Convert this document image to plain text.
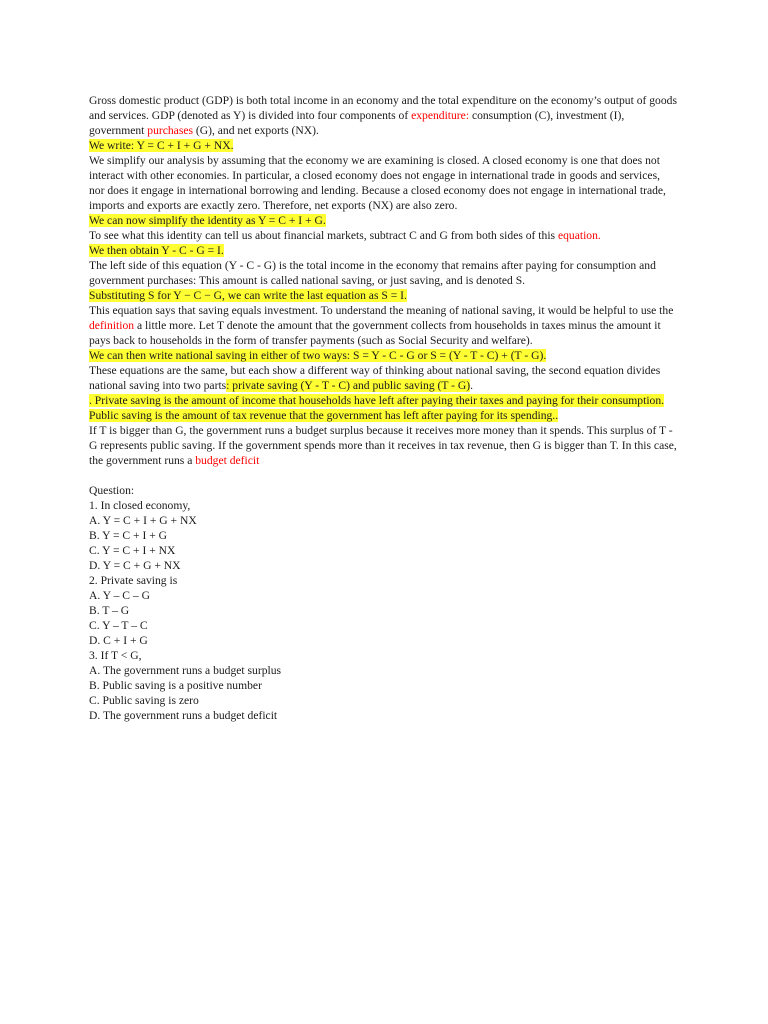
Gross domestic product (GDP) is both total income in an economy and the total expenditure on the economy’s output of goods and services. GDP (denoted as Y) is divided into four components of expenditure: consumption (C), investment (I), government purchases (G), and net exports (NX).

We write: Y = C + I + G + NX.

We simplify our analysis by assuming that the economy we are examining is closed. A closed economy is one that does not interact with other economies. In particular, a closed economy does not engage in international trade in goods and services, nor does it engage in international borrowing and lending. Because a closed economy does not engage in international trade, imports and exports are exactly zero. Therefore, net exports (NX) are also zero.

We can now simplify the identity as Y = C + I + G.

To see what this identity can tell us about financial markets, subtract C and G from both sides of this equation.

We then obtain Y - C - G = I.

The left side of this equation (Y - C - G) is the total income in the economy that remains after paying for consumption and government purchases: This amount is called national saving, or just saving, and is denoted S.

Substituting S for Y − C − G, we can write the last equation as S = I.

This equation says that saving equals investment. To understand the meaning of national saving, it would be helpful to use the definition a little more. Let T denote the amount that the government collects from households in taxes minus the amount it pays back to households in the form of transfer payments (such as Social Security and welfare).

We can then write national saving in either of two ways: S = Y - C - G or S = (Y - T - C) + (T - G).

These equations are the same, but each show a different way of thinking about national saving, the second equation divides national saving into two parts: private saving (Y - T - C) and public saving (T - G).

. Private saving is the amount of income that households have left after paying their taxes and paying for their consumption. Public saving is the amount of tax revenue that the government has left after paying for its spending..

If T is bigger than G, the government runs a budget surplus because it receives more money than it spends. This surplus of T - G represents public saving. If the government spends more than it receives in tax revenue, then G is bigger than T. In this case, the government runs a budget deficit

Question:

1. In closed economy,

A. Y = C + I + G + NX

B. Y = C + I + G

C. Y = C + I + NX

D. Y = C + G + NX

2. Private saving is

A. Y – C – G

B. T – G

C. Y – T – C

D. C + I + G

3. If T < G,

A. The government runs a budget surplus

B. Public saving is a positive number

C. Public saving is zero

D. The government runs a budget deficit
